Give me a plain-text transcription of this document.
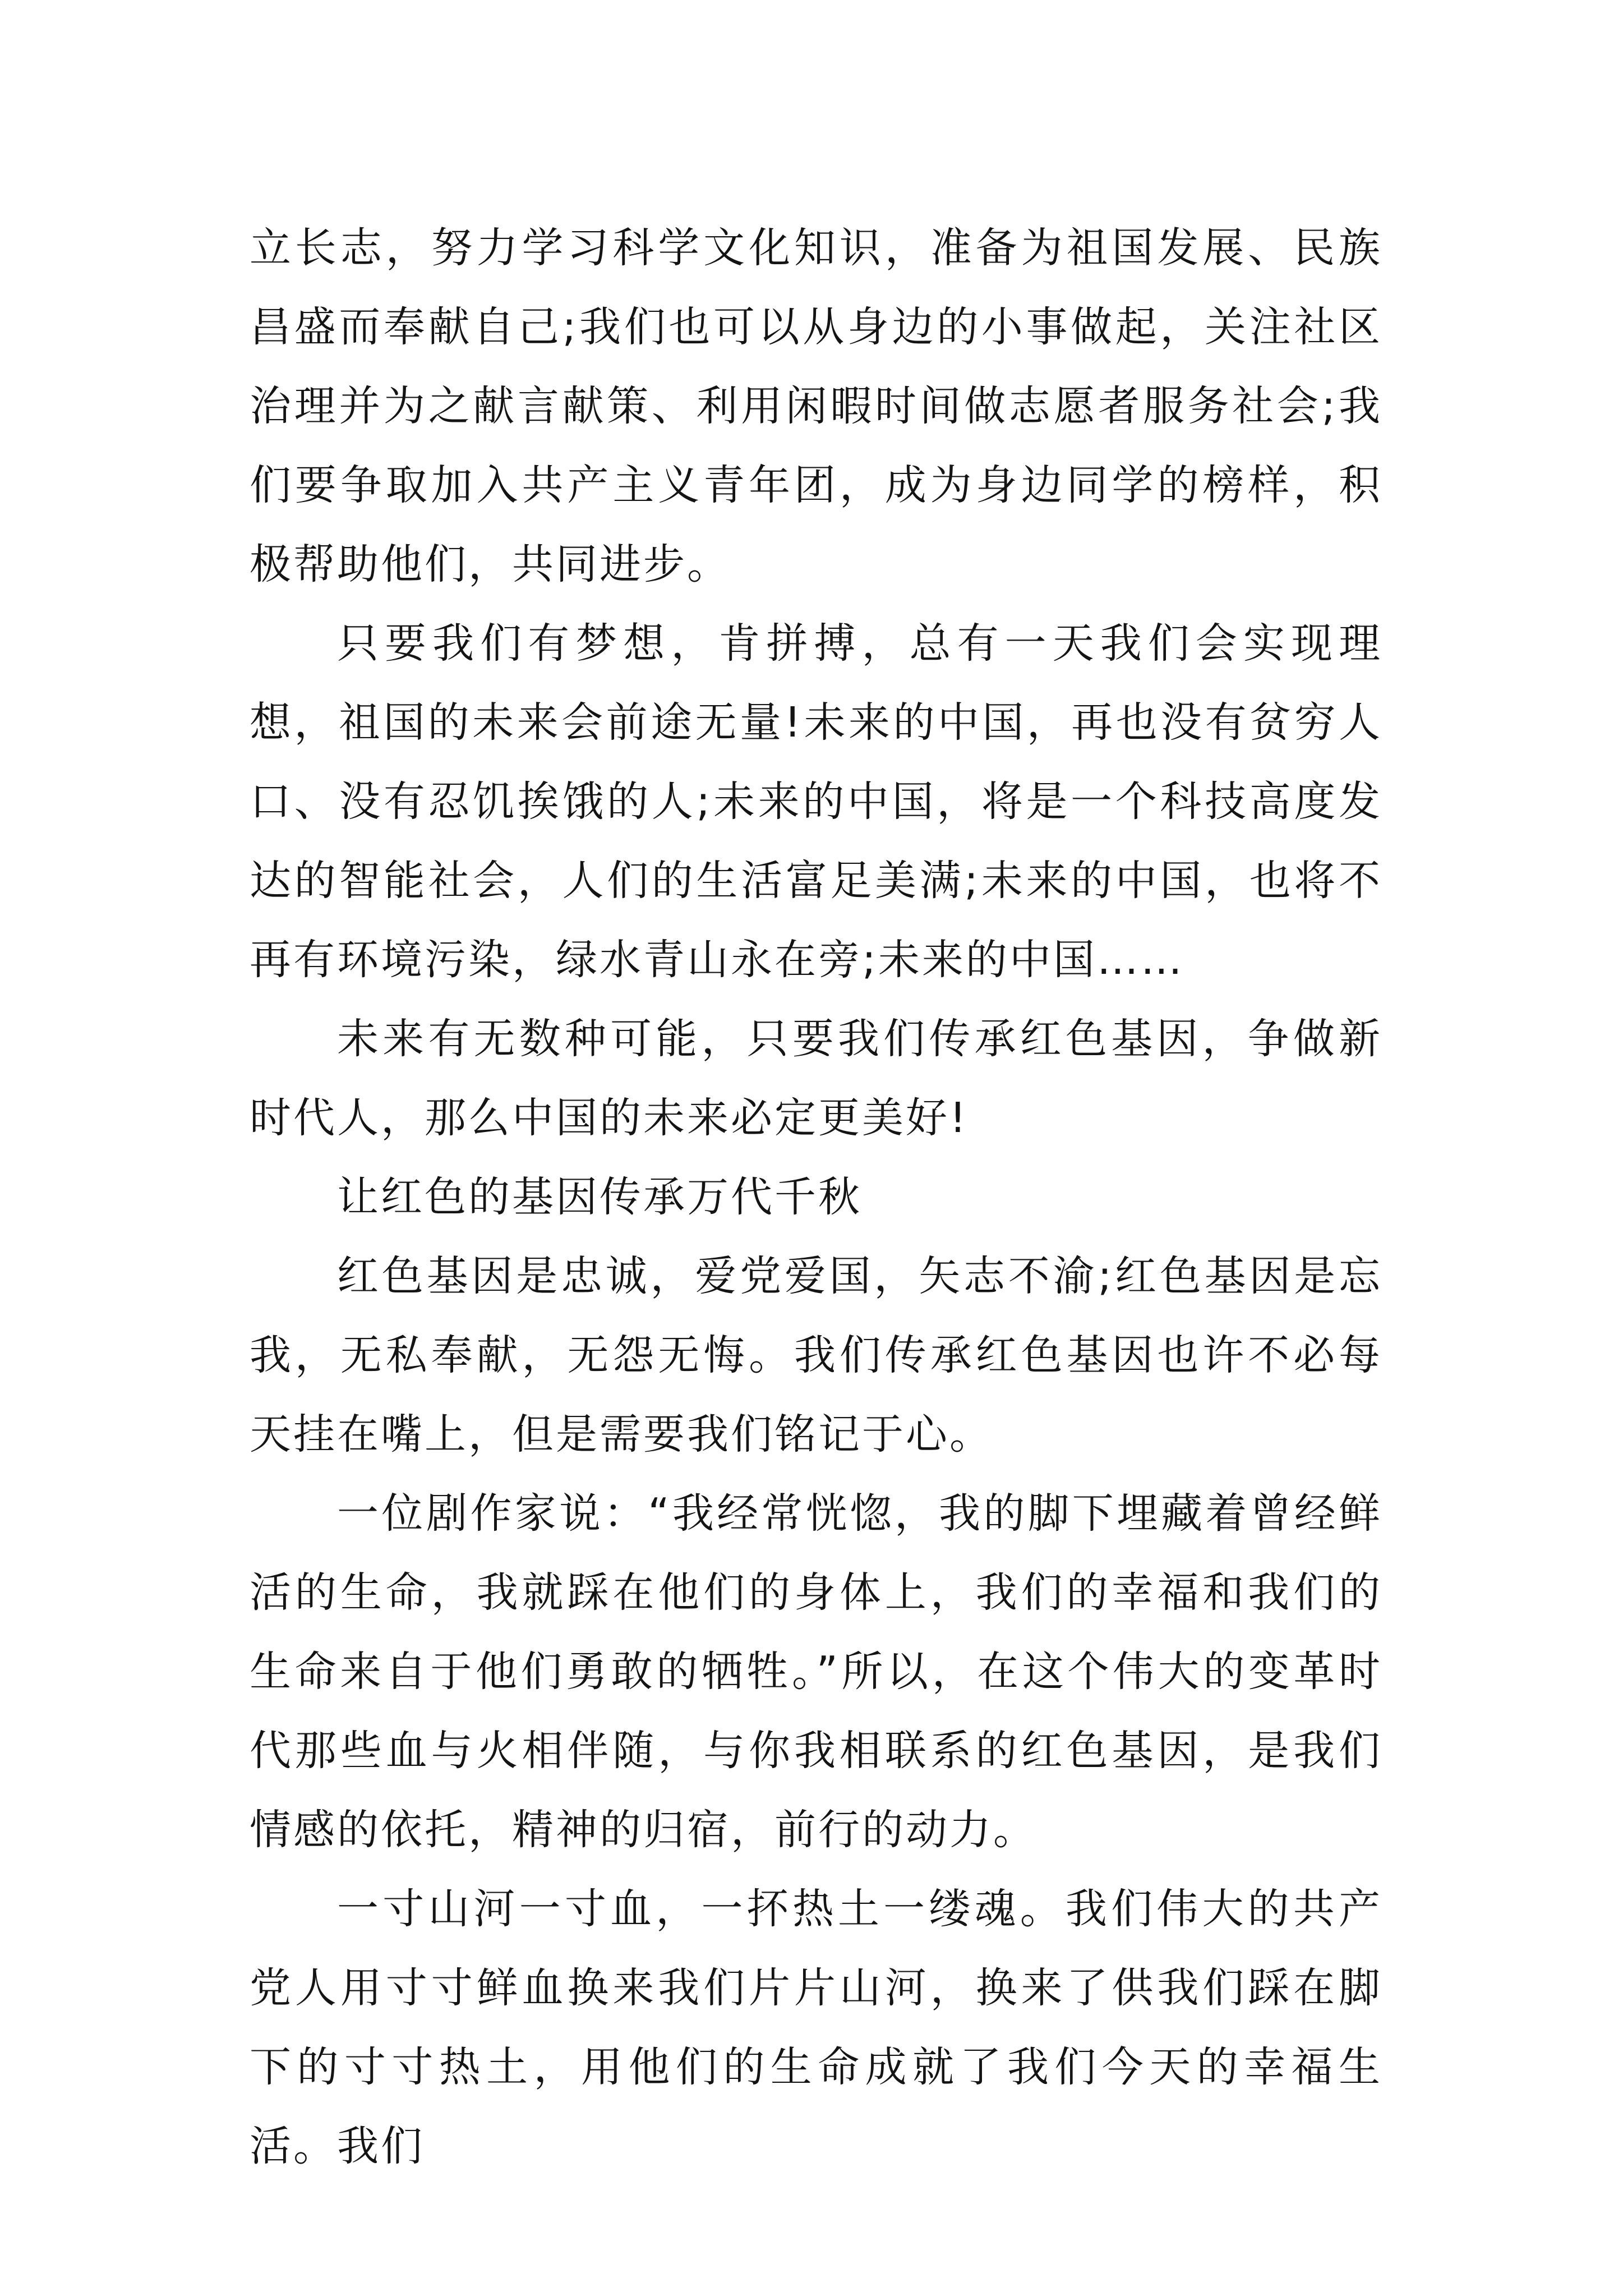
立长志，努力学习科学文化知识，准备为祖国发展、民族昌盛而奉献自己;我们也可以从身边的小事做起，关注社区治理并为之献言献策、利用闲暇时间做志愿者服务社会;我们要争取加入共产主义青年团，成为身边同学的榜样，积极帮助他们，共同进步。

只要我们有梦想，肯拼搏，总有一天我们会实现理想，祖国的未来会前途无量!未来的中国，再也没有贫穷人口、没有忍饥挨饿的人;未来的中国，将是一个科技高度发达的智能社会，人们的生活富足美满;未来的中国，也将不再有环境污染，绿水青山永在旁;未来的中国……

未来有无数种可能，只要我们传承红色基因，争做新时代人，那么中国的未来必定更美好!

让红色的基因传承万代千秋

红色基因是忠诚，爱党爱国，矢志不渝;红色基因是忘我，无私奉献，无怨无悔。我们传承红色基因也许不必每天挂在嘴上，但是需要我们铭记于心。

一位剧作家说：“我经常恍惚，我的脚下埋藏着曾经鲜活的生命，我就踩在他们的身体上，我们的幸福和我们的生命来自于他们勇敢的牺牲。”所以，在这个伟大的变革时代那些血与火相伴随，与你我相联系的红色基因，是我们情感的依托，精神的归宿，前行的动力。

一寸山河一寸血，一抔热土一缕魂。我们伟大的共产党人用寸寸鲜血换来我们片片山河，换来了供我们踩在脚下的寸寸热土，用他们的生命成就了我们今天的幸福生活。我们
